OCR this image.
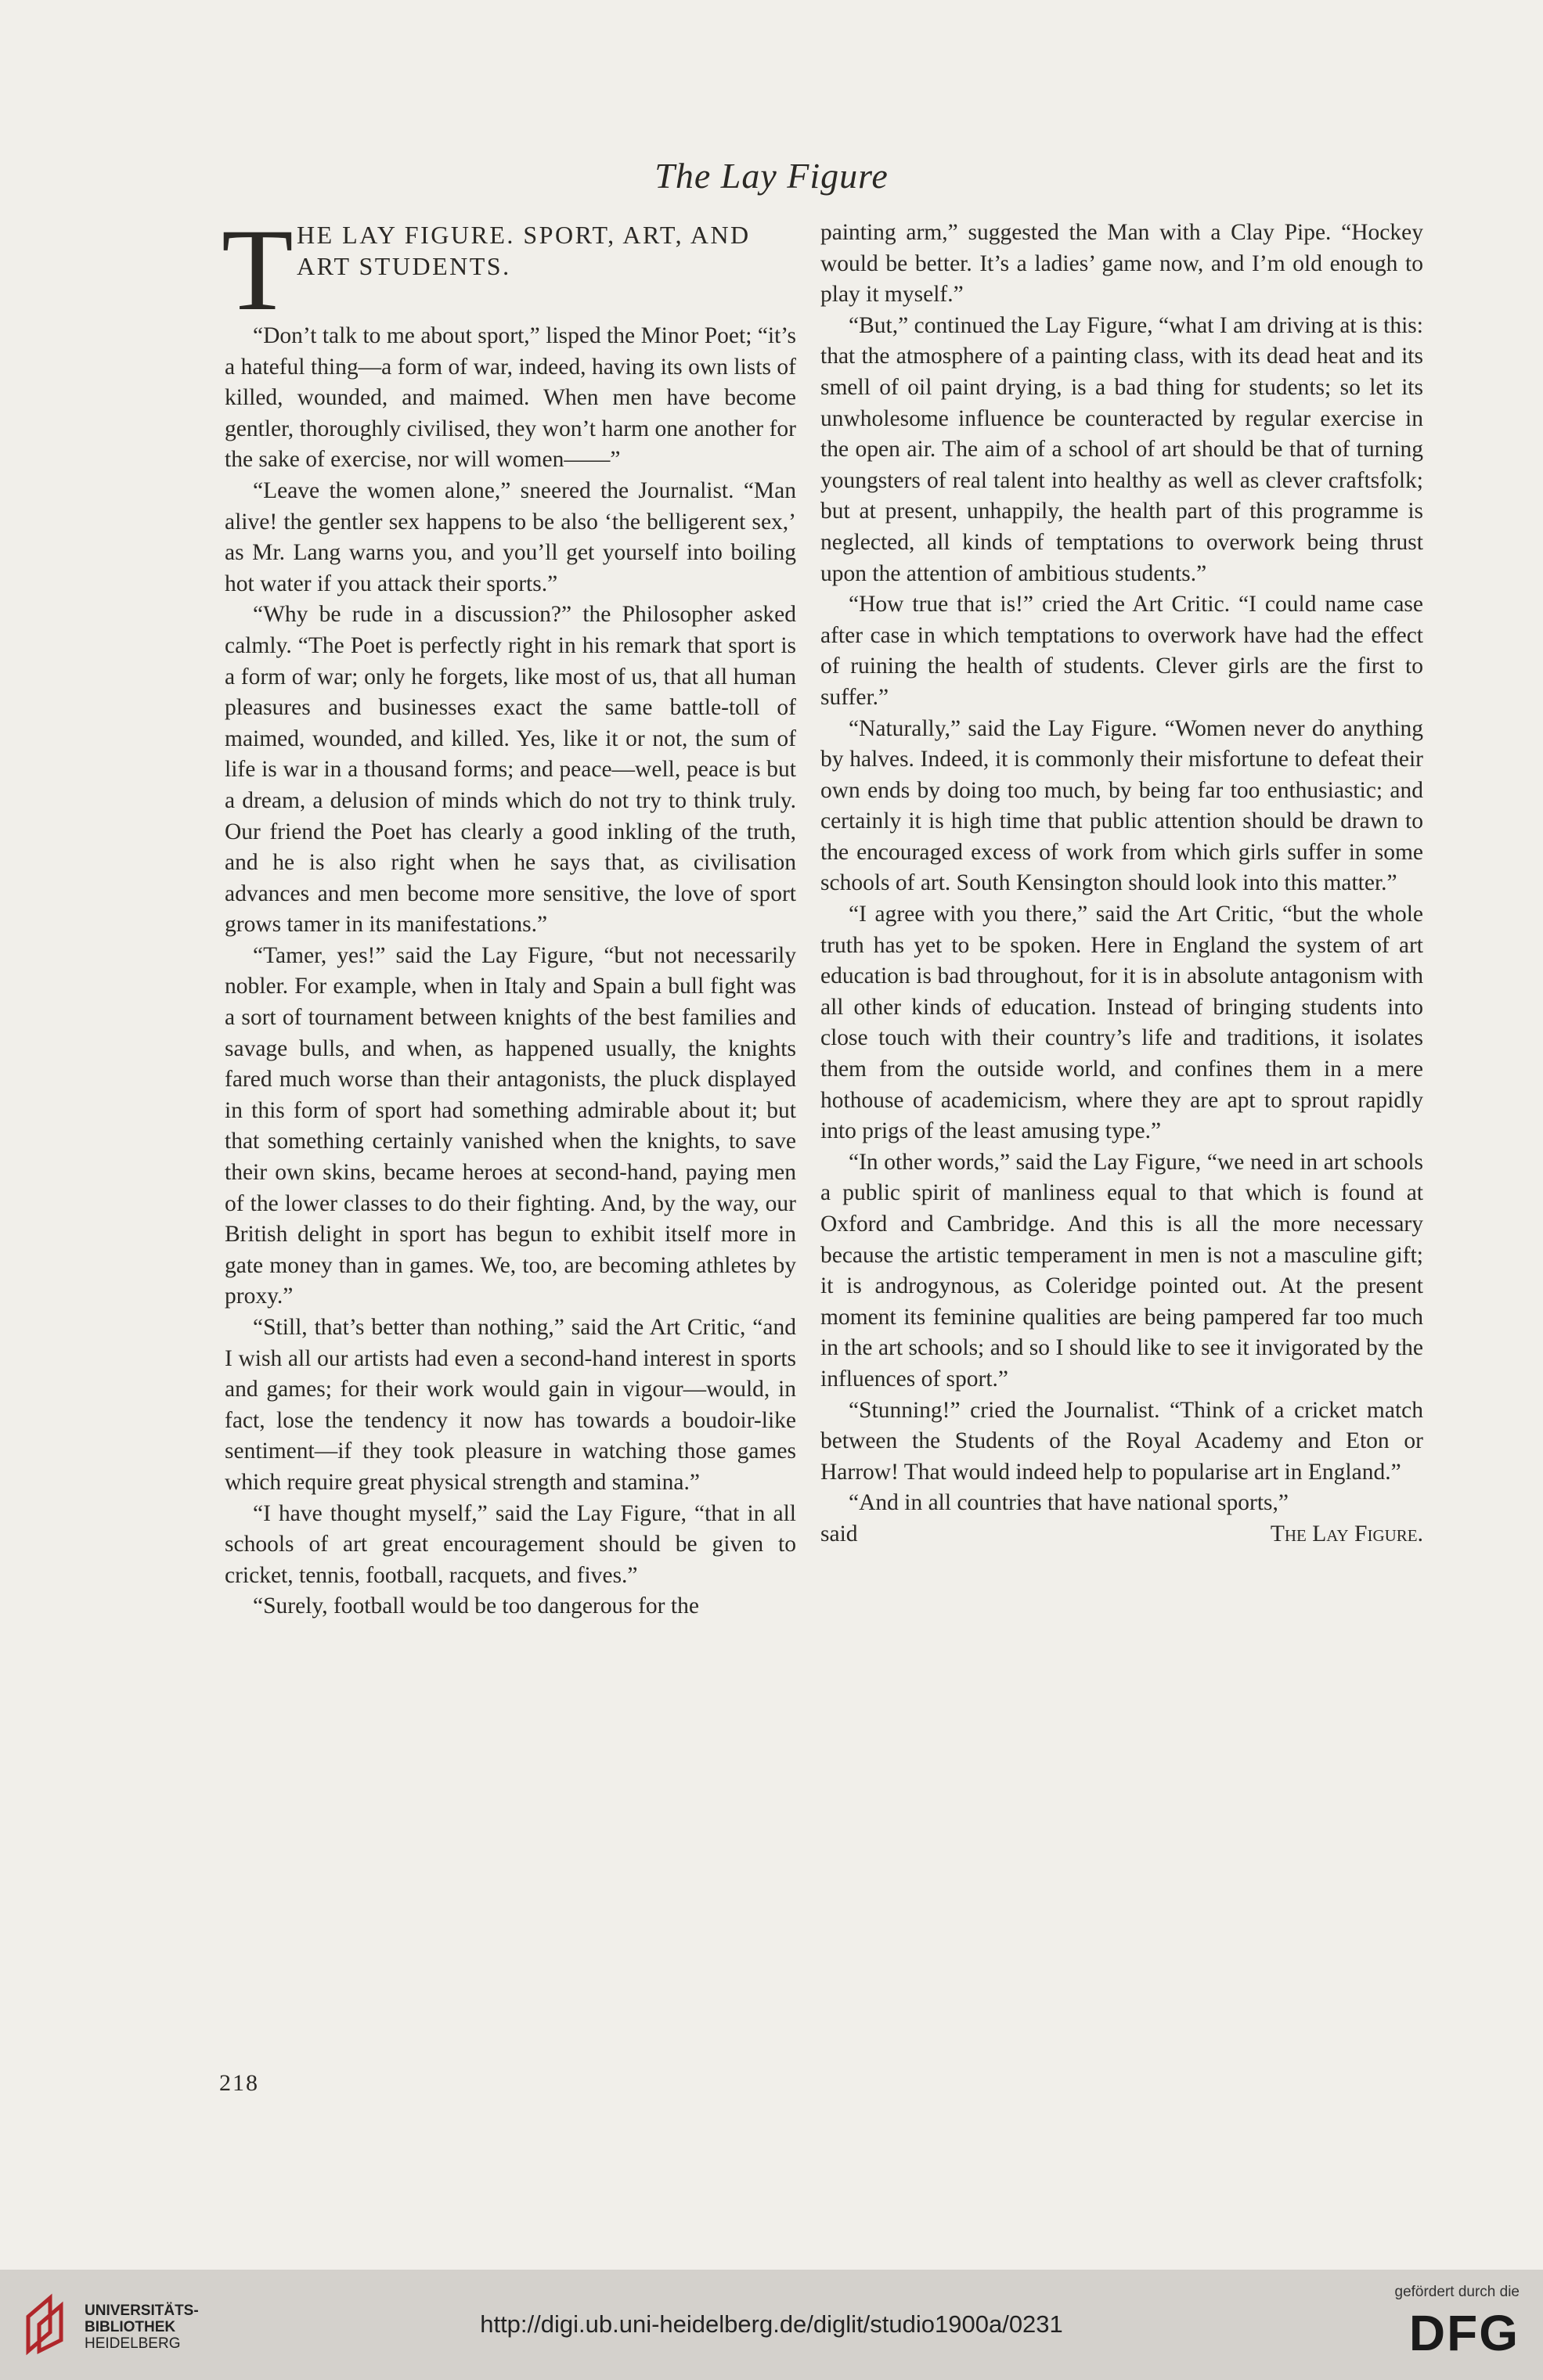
The Lay Figure
T HE LAY FIGURE. SPORT, ART, AND ART STUDENTS.

“Don’t talk to me about sport,” lisped the Minor Poet; “it’s a hateful thing—a form of war, indeed, having its own lists of killed, wounded, and maimed. When men have become gentler, thoroughly civilised, they won’t harm one another for the sake of exercise, nor will women——”

“Leave the women alone,” sneered the Journalist. “Man alive! the gentler sex happens to be also ‘the belligerent sex,’ as Mr. Lang warns you, and you’ll get yourself into boiling hot water if you attack their sports.”

“Why be rude in a discussion?” the Philosopher asked calmly. “The Poet is perfectly right in his remark that sport is a form of war; only he forgets, like most of us, that all human pleasures and businesses exact the same battle-toll of maimed, wounded, and killed. Yes, like it or not, the sum of life is war in a thousand forms; and peace—well, peace is but a dream, a delusion of minds which do not try to think truly. Our friend the Poet has clearly a good inkling of the truth, and he is also right when he says that, as civilisation advances and men become more sensitive, the love of sport grows tamer in its manifestations.”

“Tamer, yes!” said the Lay Figure, “but not necessarily nobler. For example, when in Italy and Spain a bull fight was a sort of tournament between knights of the best families and savage bulls, and when, as happened usually, the knights fared much worse than their antagonists, the pluck displayed in this form of sport had something admirable about it; but that something certainly vanished when the knights, to save their own skins, became heroes at second-hand, paying men of the lower classes to do their fighting. And, by the way, our British delight in sport has begun to exhibit itself more in gate money than in games. We, too, are becoming athletes by proxy.”

“Still, that’s better than nothing,” said the Art Critic, “and I wish all our artists had even a second-hand interest in sports and games; for their work would gain in vigour—would, in fact, lose the tendency it now has towards a boudoir-like sentiment—if they took pleasure in watching those games which require great physical strength and stamina.”

“I have thought myself,” said the Lay Figure, “that in all schools of art great encouragement should be given to cricket, tennis, football, racquets, and fives.”

“Surely, football would be too dangerous for the

painting arm,” suggested the Man with a Clay Pipe. “Hockey would be better. It’s a ladies’ game now, and I’m old enough to play it myself.”

“But,” continued the Lay Figure, “what I am driving at is this: that the atmosphere of a painting class, with its dead heat and its smell of oil paint drying, is a bad thing for students; so let its unwholesome influence be counteracted by regular exercise in the open air. The aim of a school of art should be that of turning youngsters of real talent into healthy as well as clever craftsfolk; but at present, unhappily, the health part of this programme is neglected, all kinds of temptations to overwork being thrust upon the attention of ambitious students.”

“How true that is!” cried the Art Critic. “I could name case after case in which temptations to overwork have had the effect of ruining the health of students. Clever girls are the first to suffer.”

“Naturally,” said the Lay Figure. “Women never do anything by halves. Indeed, it is commonly their misfortune to defeat their own ends by doing too much, by being far too enthusiastic; and certainly it is high time that public attention should be drawn to the encouraged excess of work from which girls suffer in some schools of art. South Kensington should look into this matter.”

“I agree with you there,” said the Art Critic, “but the whole truth has yet to be spoken. Here in England the system of art education is bad throughout, for it is in absolute antagonism with all other kinds of education. Instead of bringing students into close touch with their country’s life and traditions, it isolates them from the outside world, and confines them in a mere hothouse of academicism, where they are apt to sprout rapidly into prigs of the least amusing type.”

“In other words,” said the Lay Figure, “we need in art schools a public spirit of manliness equal to that which is found at Oxford and Cambridge. And this is all the more necessary because the artistic temperament in men is not a masculine gift; it is androgynous, as Coleridge pointed out. At the present moment its feminine qualities are being pampered far too much in the art schools; and so I should like to see it invigorated by the influences of sport.”

“Stunning!” cried the Journalist. “Think of a cricket match between the Students of the Royal Academy and Eton or Harrow! That would indeed help to popularise art in England.”

“And in all countries that have national sports,”

said	The Lay Figure.

218
UNIVERSITÄTS-
BIBLIOTHEK
HEIDELBERG
http://digi.ub.uni-heidelberg.de/diglit/studio1900a/0231
gefördert durch die
DFG
